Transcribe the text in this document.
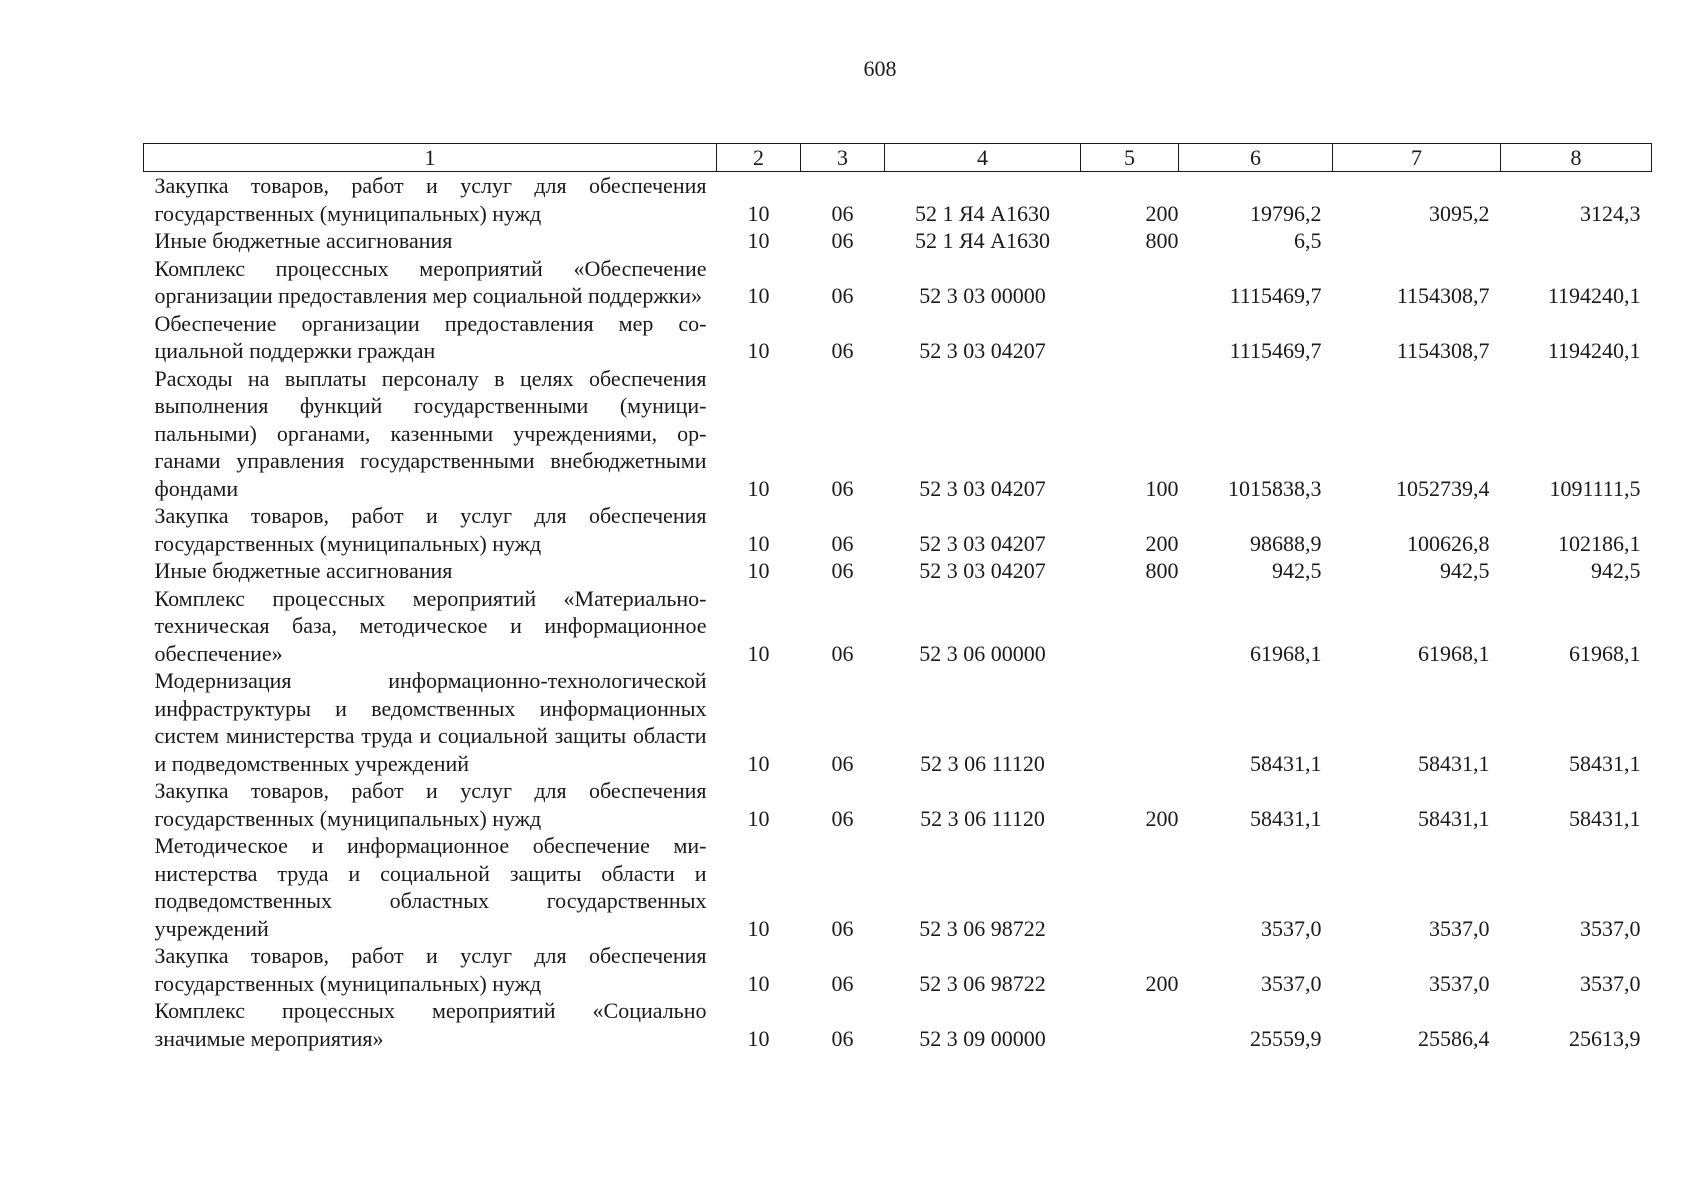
608
1	2	3	4	5	6	7	8
Закупка товаров, работ и услуг для обеспечения государственных (муниципальных) нужд	10	06	52 1 Я4 А1630	200	19796,2	3095,2	3124,3
Иные бюджетные ассигнования	10	06	52 1 Я4 А1630	800	6,5		
Комплекс процессных мероприятий «Обеспечение организации предоставления мер социальной поддержки»	10	06	52 3 03 00000		1115469,7	1154308,7	1194240,1
Обеспечение организации предоставления мер социальной поддержки граждан	10	06	52 3 03 04207		1115469,7	1154308,7	1194240,1
Расходы на выплаты персоналу в целях обеспечения выполнения функций государственными (муниципальными) органами, казенными учреждениями, органами управления государственными внебюджетными фондами	10	06	52 3 03 04207	100	1015838,3	1052739,4	1091111,5
Закупка товаров, работ и услуг для обеспечения государственных (муниципальных) нужд	10	06	52 3 03 04207	200	98688,9	100626,8	102186,1
Иные бюджетные ассигнования	10	06	52 3 03 04207	800	942,5	942,5	942,5
Комплекс процессных мероприятий «Материально-техническая база, методическое и информационное обеспечение»	10	06	52 3 06 00000		61968,1	61968,1	61968,1
Модернизация информационно-технологической инфраструктуры и ведомственных информационных систем министерства труда и социальной защиты области и подведомственных учреждений	10	06	52 3 06 11120		58431,1	58431,1	58431,1
Закупка товаров, работ и услуг для обеспечения государственных (муниципальных) нужд	10	06	52 3 06 11120	200	58431,1	58431,1	58431,1
Методическое и информационное обеспечение министерства труда и социальной защиты области и подведомственных областных государственных учреждений	10	06	52 3 06 98722		3537,0	3537,0	3537,0
Закупка товаров, работ и услуг для обеспечения государственных (муниципальных) нужд	10	06	52 3 06 98722	200	3537,0	3537,0	3537,0
Комплекс процессных мероприятий «Социально значимые мероприятия»	10	06	52 3 09 00000		25559,9	25586,4	25613,9
